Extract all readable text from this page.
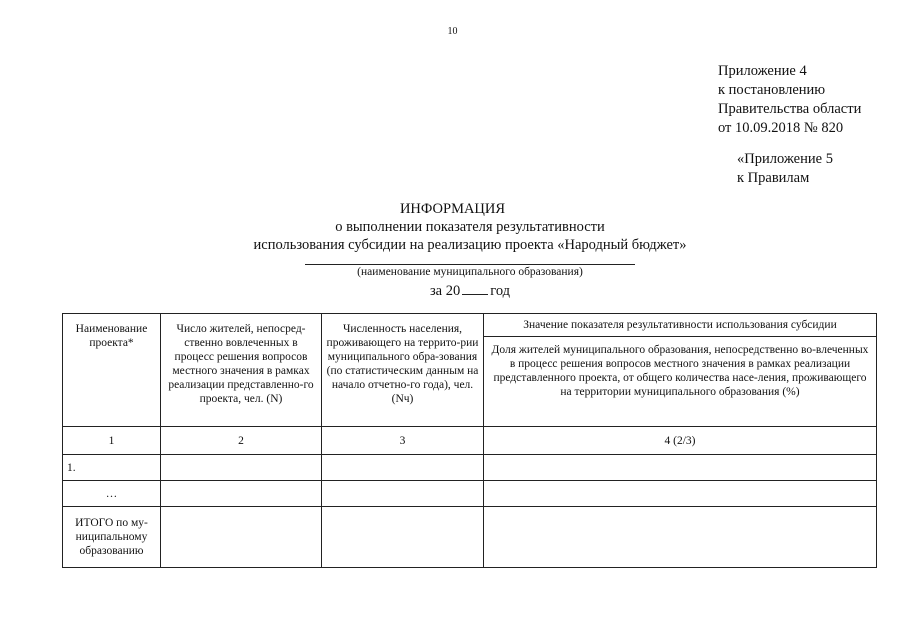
10
Приложение 4
к постановлению
Правительства области
от 10.09.2018 № 820
«Приложение 5
к Правилам
ИНФОРМАЦИЯ
о выполнении показателя результативности
использования субсидии на реализацию проекта «Народный бюджет»
(наименование муниципального образования)
за 20 год
Наименование проекта*	Число жителей, непосред-ственно вовлеченных в процесс решения вопросов местного значения в рамках реализации представленно-го проекта, чел. (N)	Численность населения, проживающего на террито-рии муниципального обра-зования (по статистическим данным на начало отчетно-го года), чел. (Nч)	Значение показателя результативности использования субсидии
			Доля жителей муниципального образования, непосредственно во-влеченных в процесс решения вопросов местного значения в рамках реализации представленного проекта, от общего количества насе-ления, проживающего на территории муниципального образования (%)
1	2	3	4 (2/3)
1.			
…			
ИТОГО по му-ниципальному образованию			
